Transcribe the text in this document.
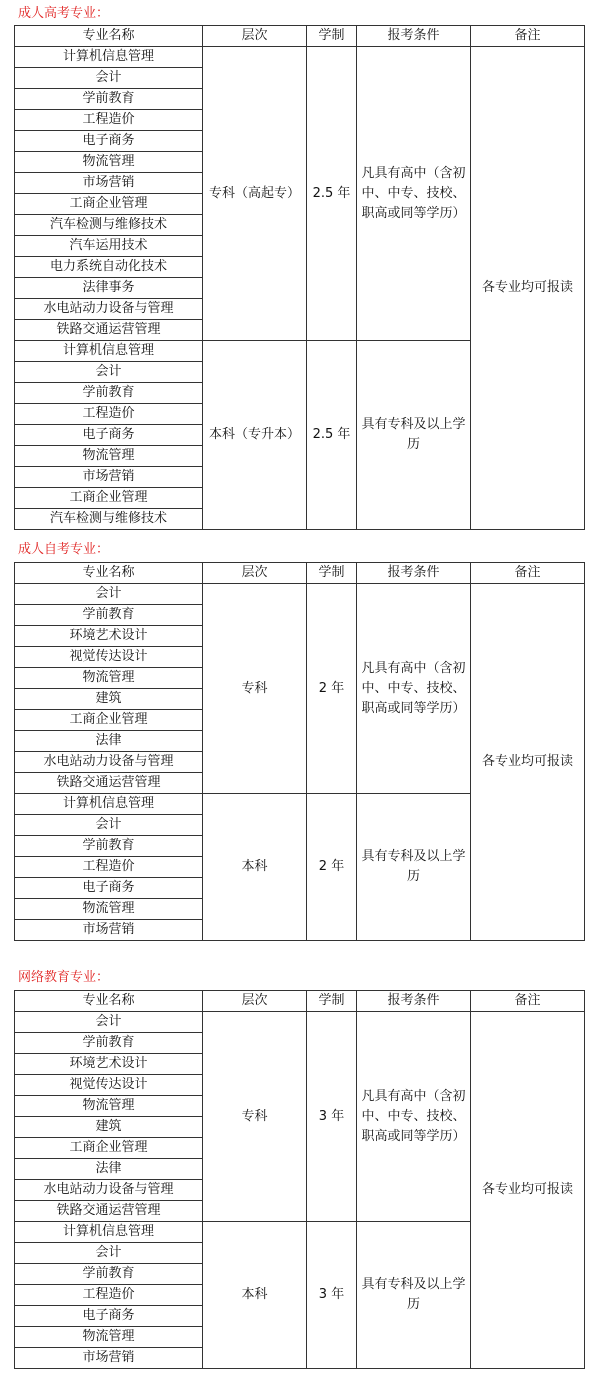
成人高考专业：
专业名称	层次	学制	报考条件	备注
计算机信息管理	专科（高起专）	2.5 年	凡具有高中（含初中、中专、技校、职高或同等学历）	各专业均可报读
会计				
学前教育				
工程造价				
电子商务				
物流管理				
市场营销				
工商企业管理				
汽车检测与维修技术				
汽车运用技术				
电力系统自动化技术				
法律事务				
水电站动力设备与管理				
铁路交通运营管理				
计算机信息管理	本科（专升本）	2.5 年	具有专科及以上学历	
会计				
学前教育				
工程造价				
电子商务				
物流管理				
市场营销				
工商企业管理				
汽车检测与维修技术				
成人自考专业：
专业名称	层次	学制	报考条件	备注
会计	专科	2 年	凡具有高中（含初中、中专、技校、职高或同等学历）	各专业均可报读
学前教育				
环境艺术设计				
视觉传达设计				
物流管理				
建筑				
工商企业管理				
法律				
水电站动力设备与管理				
铁路交通运营管理				
计算机信息管理	本科	2 年	具有专科及以上学历	
会计				
学前教育				
工程造价				
电子商务				
物流管理				
市场营销				
网络教育专业：
专业名称	层次	学制	报考条件	备注
会计	专科	3 年	凡具有高中（含初中、中专、技校、职高或同等学历）	各专业均可报读
学前教育				
环境艺术设计				
视觉传达设计				
物流管理				
建筑				
工商企业管理				
法律				
水电站动力设备与管理				
铁路交通运营管理				
计算机信息管理	本科	3 年	具有专科及以上学历	
会计				
学前教育				
工程造价				
电子商务				
物流管理				
市场营销				
